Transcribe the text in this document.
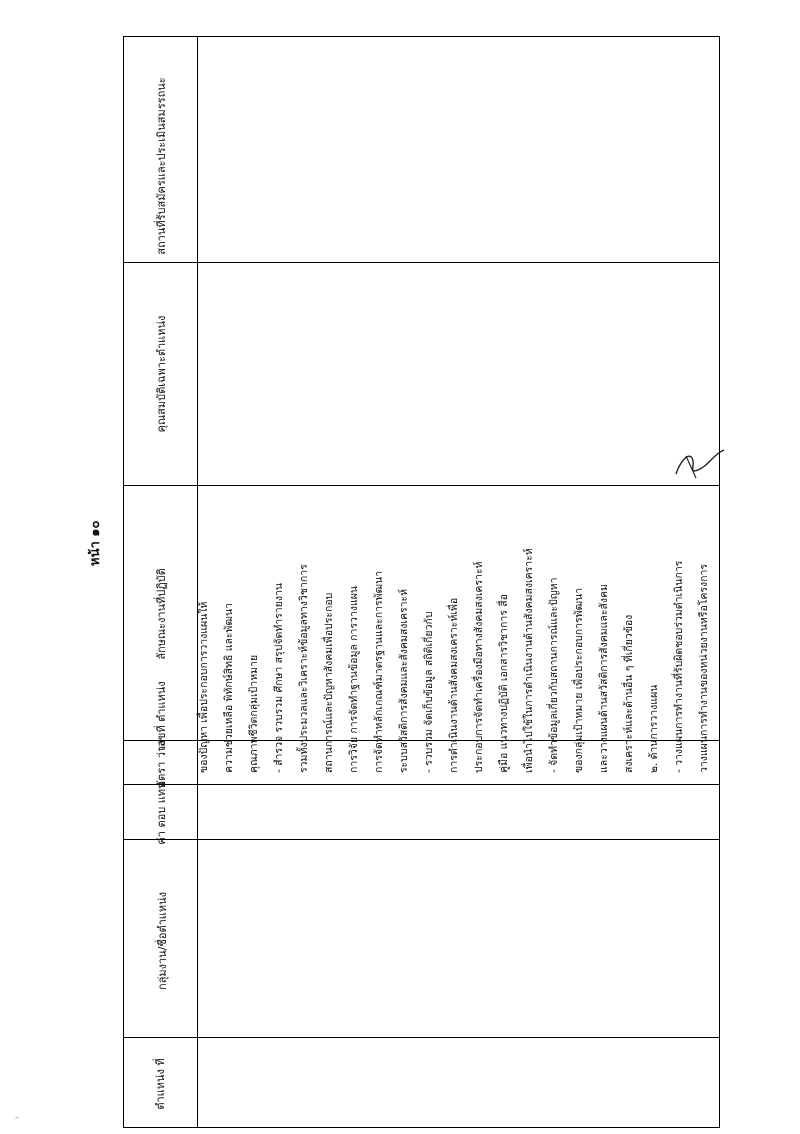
หน้า ๑๐
ตำแหน่ง ที่
กลุ่มงาน/ชื่อตำแหน่ง
ค่า ตอบ แทน
อัตรา ว่าง
เลขที่ ตำแหน่ง
ลักษณะงานที่ปฏิบัติ
คุณสมบัติเฉพาะตำแหน่ง
สถานที่รับสมัครและประเมินสมรรถนะ
ของปัญหา เพื่อประกอบการวางแผนให้ ความช่วยเหลือ พิทักษ์สิทธิ และพัฒนา คุณภาพชีวิตกลุ่มเป้าหมาย - สำรวจ รวบรวม ศึกษา สรุปจัดทำรายงาน รวมทั้งประมวลและวิเคราะห์ข้อมูลทางวิชาการ สถานการณ์และปัญหาสังคมเพื่อประกอบ การวิจัย การจัดทำฐานข้อมูล การวางแผน การจัดทำหลักเกณฑ์มาตรฐานและการพัฒนา ระบบสวัสดิการสังคมและสังคมสงเคราะห์ - รวบรวม จัดเก็บข้อมูล สถิติเกี่ยวกับ การดำเนินงานด้านสังคมสงเคราะห์เพื่อ ประกอบการจัดทำเครื่องมือทางสังคมสงเคราะห์ คู่มือ แนวทางปฏิบัติ เอกสารวิชาการ สื่อ เพื่อนำไปใช้ในการดำเนินงานด้านสังคมสงเคราะห์ - จัดทำข้อมูลเกี่ยวกับสถานการณ์และปัญหา ของกลุ่มเป้าหมาย เพื่อประกอบการพัฒนา และวางแผนด้านสวัสดิการสังคมและสังคม สงเคราะห์และด้านอื่น ๆ ที่เกี่ยวข้อง ๒. ด้านการวางแผน - วางแผนการทำงานที่รับผิดชอบร่วมดำเนินการ วางแผนการทำงานของหน่วยงานหรือโครงการ
·°
